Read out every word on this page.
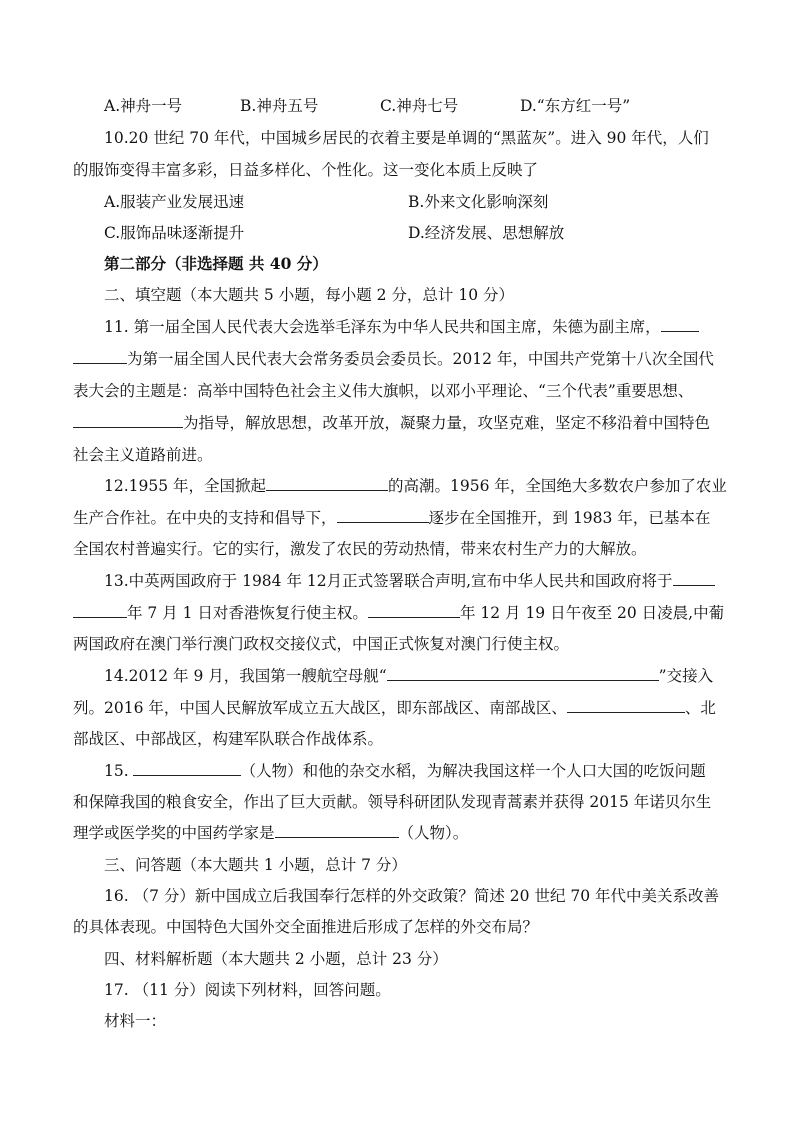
A.神舟一号	B.神舟五号	C.神舟七号	D.“东方红一号”
10.20 世纪 70 年代，中国城乡居民的衣着主要是单调的“黑蓝灰”。进入 90 年代，人们
的服饰变得丰富多彩，日益多样化、个性化。这一变化本质上反映了
A.服装产业发展迅速	B.外来文化影响深刻
C.服饰品味逐渐提升	D.经济发展、思想解放
第二部分（非选择题 共 40 分）
二、填空题（本大题共 5 小题，每小题 2 分，总计 10 分）
11. 第一届全国人民代表大会选举毛泽东为中华人民共和国主席，朱德为副主席，
为第一届全国人民代表大会常务委员会委员长。2012 年，中国共产党第十八次全国代
表大会的主题是：高举中国特色社会主义伟大旗帜，以邓小平理论、“三个代表”重要思想、
为指导，解放思想，改革开放，凝聚力量，攻坚克难，坚定不移沿着中国特色
社会主义道路前进。
12.1955 年，全国掀起	的高潮。1956 年，全国绝大多数农户参加了农业
生产合作社。在中央的支持和倡导下，	逐步在全国推开，到 1983 年，已基本在
全国农村普遍实行。它的实行，激发了农民的劳动热情，带来农村生产力的大解放。
13.中英两国政府于 1984 年 12月正式签署联合声明,宣布中华人民共和国政府将于
年 7 月 1 日对香港恢复行使主权。	年 12 月 19 日午夜至 20 日凌晨,中葡
两国政府在澳门举行澳门政权交接仪式，中国正式恢复对澳门行使主权。
14.2012 年 9 月，我国第一艘航空母舰“	”交接入
列。2016 年，中国人民解放军成立五大战区，即东部战区、南部战区、	、北
部战区、中部战区，构建军队联合作战体系。
15.	（人物）和他的杂交水稻，为解决我国这样一个人口大国的吃饭问题
和保障我国的粮食安全，作出了巨大贡献。领导科研团队发现青蒿素并获得 2015 年诺贝尔生
理学或医学奖的中国药学家是	（人物）。
三、问答题（本大题共 1 小题，总计 7 分）
16. （7 分）新中国成立后我国奉行怎样的外交政策？简述 20 世纪 70 年代中美关系改善
的具体表现。中国特色大国外交全面推进后形成了怎样的外交布局？
四、材料解析题（本大题共 2 小题，总计 23 分）
17. （11 分）阅读下列材料，回答问题。
材料一：
